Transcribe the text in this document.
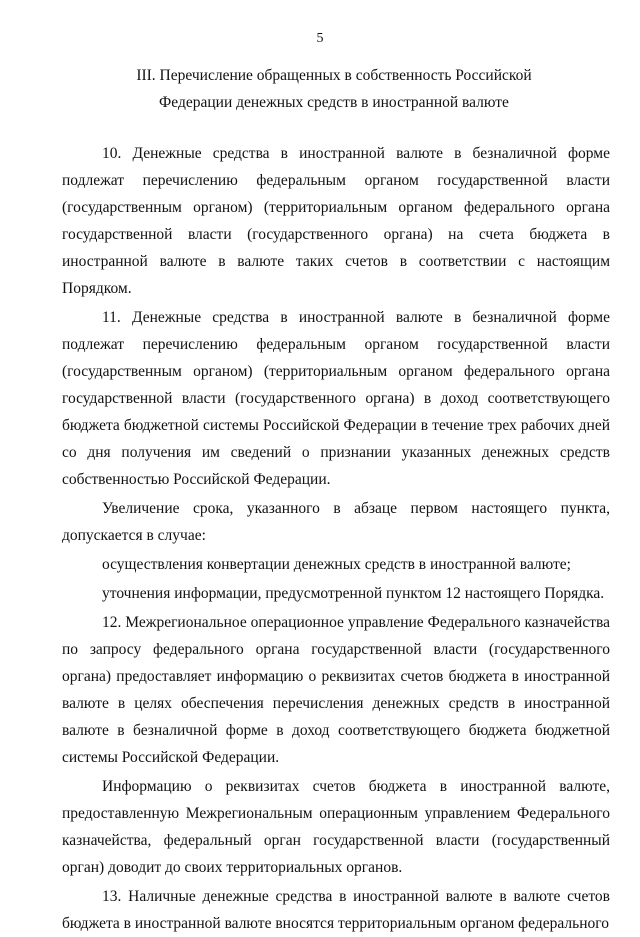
5
III. Перечисление обращенных в собственность Российской
Федерации денежных средств в иностранной валюте

10. Денежные средства в иностранной валюте в безналичной форме подлежат перечислению федеральным органом государственной власти (государственным органом) (территориальным органом федерального органа государственной власти (государственного органа) на счета бюджета в иностранной валюте в валюте таких счетов в соответствии с настоящим Порядком.

11. Денежные средства в иностранной валюте в безналичной форме подлежат перечислению федеральным органом государственной власти (государственным органом) (территориальным органом федерального органа государственной власти (государственного органа) в доход соответствующего бюджета бюджетной системы Российской Федерации в течение трех рабочих дней со дня получения им сведений о признании указанных денежных средств собственностью Российской Федерации.

Увеличение срока, указанного в абзаце первом настоящего пункта, допускается в случае:

осуществления конвертации денежных средств в иностранной валюте;

уточнения информации, предусмотренной пунктом 12 настоящего Порядка.

12. Межрегиональное операционное управление Федерального казначейства по запросу федерального органа государственной власти (государственного органа) предоставляет информацию о реквизитах счетов бюджета в иностранной валюте в целях обеспечения перечисления денежных средств в иностранной валюте в безналичной форме в доход соответствующего бюджета бюджетной системы Российской Федерации.

Информацию о реквизитах счетов бюджета в иностранной валюте, предоставленную Межрегиональным операционным управлением Федерального казначейства, федеральный орган государственной власти (государственный орган) доводит до своих территориальных органов.

13. Наличные денежные средства в иностранной валюте в валюте счетов бюджета в иностранной валюте вносятся территориальным органом федерального
